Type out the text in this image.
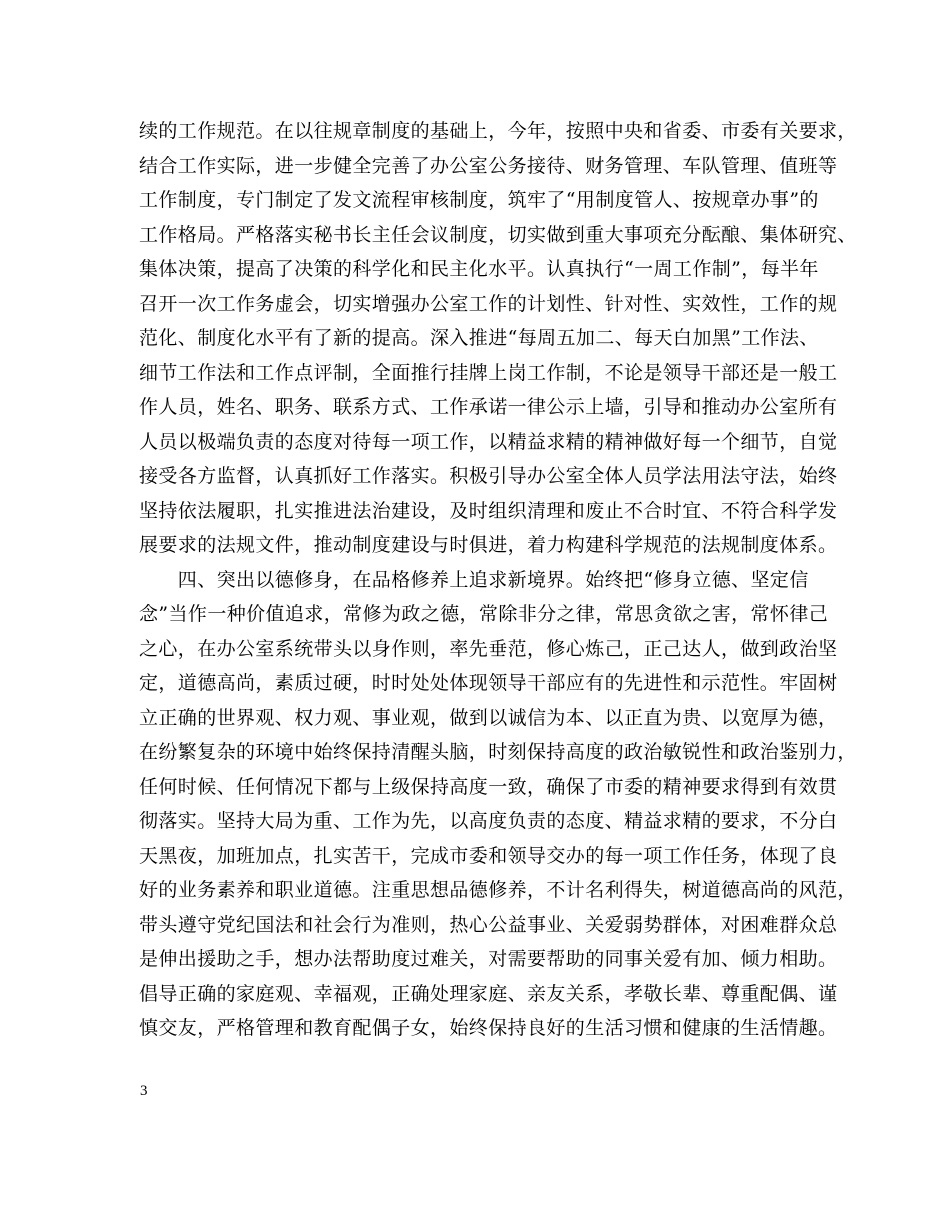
续的工作规范。在以往规章制度的基础上，今年，按照中央和省委、市委有关要求，
结合工作实际，进一步健全完善了办公室公务接待、财务管理、车队管理、值班等
工作制度，专门制定了发文流程审核制度，筑牢了“用制度管人、按规章办事”的
工作格局。严格落实秘书长主任会议制度，切实做到重大事项充分酝酿、集体研究、
集体决策，提高了决策的科学化和民主化水平。认真执行“一周工作制”，每半年
召开一次工作务虚会，切实增强办公室工作的计划性、针对性、实效性，工作的规
范化、制度化水平有了新的提高。深入推进“每周五加二、每天白加黑”工作法、
细节工作法和工作点评制，全面推行挂牌上岗工作制，不论是领导干部还是一般工
作人员，姓名、职务、联系方式、工作承诺一律公示上墙，引导和推动办公室所有
人员以极端负责的态度对待每一项工作，以精益求精的精神做好每一个细节，自觉
接受各方监督，认真抓好工作落实。积极引导办公室全体人员学法用法守法，始终
坚持依法履职，扎实推进法治建设，及时组织清理和废止不合时宜、不符合科学发
展要求的法规文件，推动制度建设与时俱进，着力构建科学规范的法规制度体系。
　　四、突出以德修身，在品格修养上追求新境界。始终把“修身立德、坚定信
念”当作一种价值追求，常修为政之德，常除非分之律，常思贪欲之害，常怀律己
之心，在办公室系统带头以身作则，率先垂范，修心炼己，正己达人，做到政治坚
定，道德高尚，素质过硬，时时处处体现领导干部应有的先进性和示范性。牢固树
立正确的世界观、权力观、事业观，做到以诚信为本、以正直为贵、以宽厚为德，
在纷繁复杂的环境中始终保持清醒头脑，时刻保持高度的政治敏锐性和政治鉴别力，
任何时候、任何情况下都与上级保持高度一致，确保了市委的精神要求得到有效贯
彻落实。坚持大局为重、工作为先，以高度负责的态度、精益求精的要求，不分白
天黑夜，加班加点，扎实苦干，完成市委和领导交办的每一项工作任务，体现了良
好的业务素养和职业道德。注重思想品德修养，不计名利得失，树道德高尚的风范，
带头遵守党纪国法和社会行为准则，热心公益事业、关爱弱势群体，对困难群众总
是伸出援助之手，想办法帮助度过难关，对需要帮助的同事关爱有加、倾力相助。
倡导正确的家庭观、幸福观，正确处理家庭、亲友关系，孝敬长辈、尊重配偶、谨
慎交友，严格管理和教育配偶子女，始终保持良好的生活习惯和健康的生活情趣。
3
